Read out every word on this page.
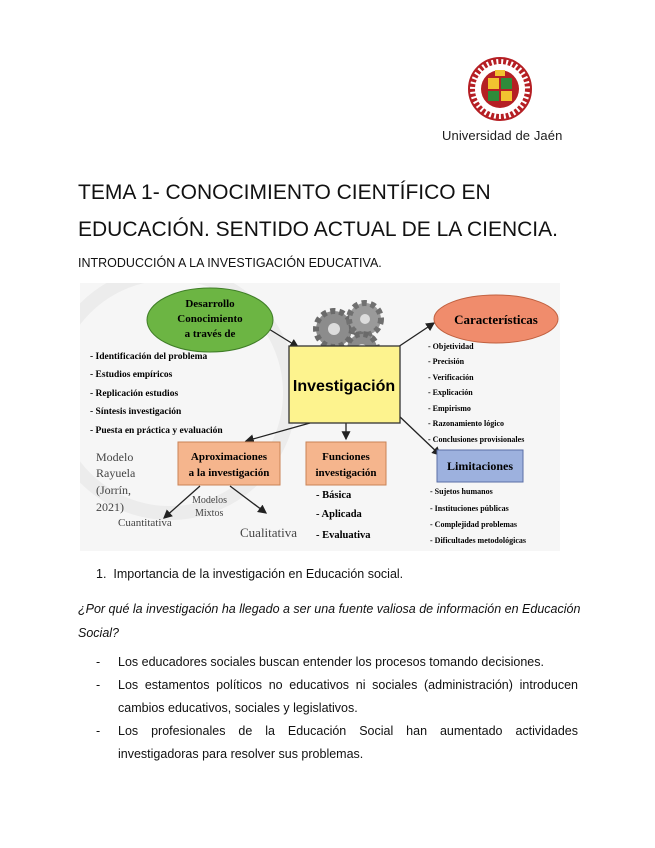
Universidad de Jaén
TEMA 1- CONOCIMIENTO CIENTÍFICO EN EDUCACIÓN. SENTIDO ACTUAL DE LA CIENCIA.
INTRODUCCIÓN A LA INVESTIGACIÓN EDUCATIVA.
Desarrollo
Conocimiento
a través de
- Identificación del problema
- Estudios empíricos
- Replicación estudios
- Síntesis investigación
- Puesta en práctica y evaluación
Investigación
Características
- Objetividad
- Precisión
- Verificación
- Explicación
- Empirismo
- Razonamiento lógico
- Conclusiones provisionales
Limitaciones
- Sujetos humanos
- Instituciones públicas
- Complejidad problemas
- Dificultades metodológicas
Aproximaciones
a la investigación
Funciones
investigación
- Básica
- Aplicada
- Evaluativa
Modelo
Rayuela
(Jorrín,
2021)	Modelos
Mixtos
Cuantitativa
Cualitativa
1. Importancia de la investigación en Educación social.
¿Por qué la investigación ha llegado a ser una fuente valiosa de información en Educación Social?
- Los educadores sociales buscan entender los procesos tomando decisiones.
- Los estamentos políticos no educativos ni sociales (administración) introducen cambios educativos, sociales y legislativos.
- Los profesionales de la Educación Social han aumentado actividades investigadoras para resolver sus problemas.
